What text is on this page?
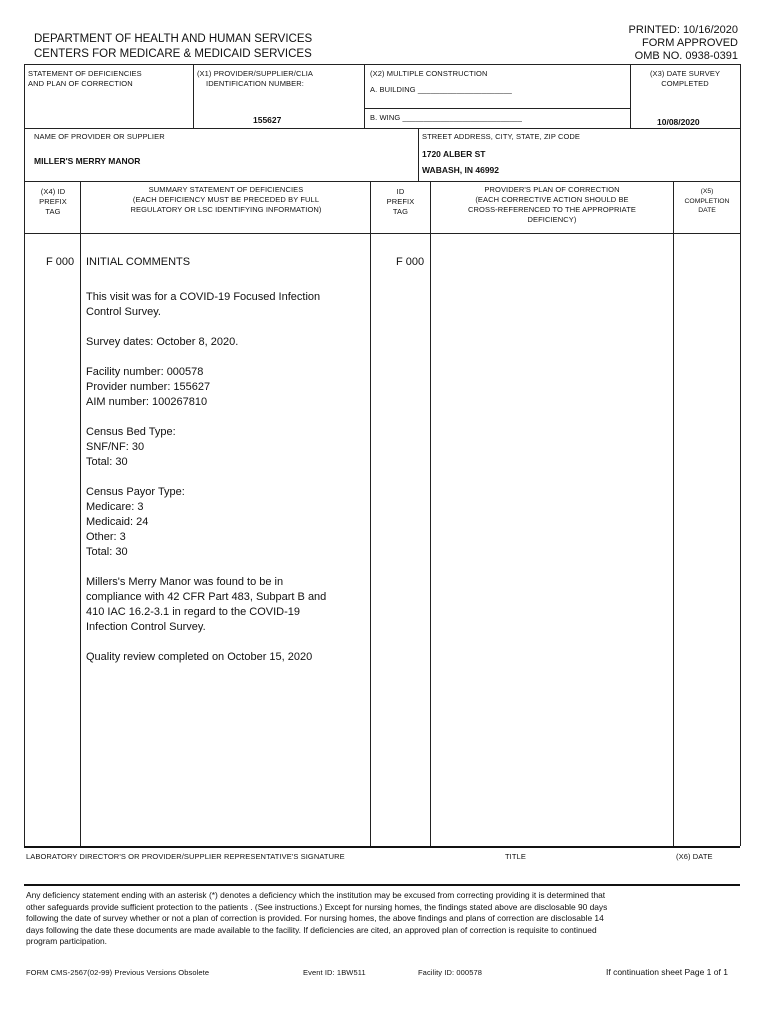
DEPARTMENT OF HEALTH AND HUMAN SERVICES
CENTERS FOR MEDICARE & MEDICAID SERVICES
PRINTED: 10/16/2020
FORM APPROVED
OMB NO. 0938-0391
STATEMENT OF DEFICIENCIES
AND PLAN OF CORRECTION
(X1) PROVIDER/SUPPLIER/CLIA
IDENTIFICATION NUMBER:
155627
(X2) MULTIPLE CONSTRUCTION
A. BUILDING ______________________
B. WING ____________________________
(X3) DATE SURVEY
COMPLETED
10/08/2020
NAME OF PROVIDER OR SUPPLIER
MILLER'S MERRY MANOR
STREET ADDRESS, CITY, STATE, ZIP CODE
1720 ALBER ST
WABASH, IN 46992
(X4) ID
PREFIX
TAG
SUMMARY STATEMENT OF DEFICIENCIES
(EACH DEFICIENCY MUST BE PRECEDED BY FULL
REGULATORY OR LSC IDENTIFYING INFORMATION)
ID
PREFIX
TAG
PROVIDER'S PLAN OF CORRECTION
(EACH CORRECTIVE ACTION SHOULD BE
CROSS-REFERENCED TO THE APPROPRIATE
DEFICIENCY)
(X5)
COMPLETION
DATE
F 000 INITIAL COMMENTS	F 000

This visit was for a COVID-19 Focused Infection
Control Survey.

Survey dates: October 8, 2020.

Facility number: 000578
Provider number: 155627
AIM number: 100267810

Census Bed Type:
SNF/NF: 30
Total: 30

Census Payor Type:
Medicare: 3
Medicaid: 24
Other: 3
Total: 30

Millers's Merry Manor was found to be in
compliance with 42 CFR Part 483, Subpart B and
410 IAC 16.2-3.1 in regard to the COVID-19
Infection Control Survey.

Quality review completed on October 15, 2020

LABORATORY DIRECTOR'S OR PROVIDER/SUPPLIER REPRESENTATIVE'S SIGNATURE	TITLE	(X6) DATE
Any deficiency statement ending with an asterisk (*) denotes a deficiency which the institution may be excused from correcting providing it is determined that
other safeguards provide sufficient protection to the patients . (See instructions.) Except for nursing homes, the findings stated above are disclosable 90 days
following the date of survey whether or not a plan of correction is provided. For nursing homes, the above findings and plans of correction are disclosable 14
days following the date these documents are made available to the facility. If deficiencies are cited, an approved plan of correction is requisite to continued
program participation.
FORM CMS-2567(02-99) Previous Versions Obsolete	Event ID: 1BW511	Facility ID: 000578	If continuation sheet Page 1 of 1
